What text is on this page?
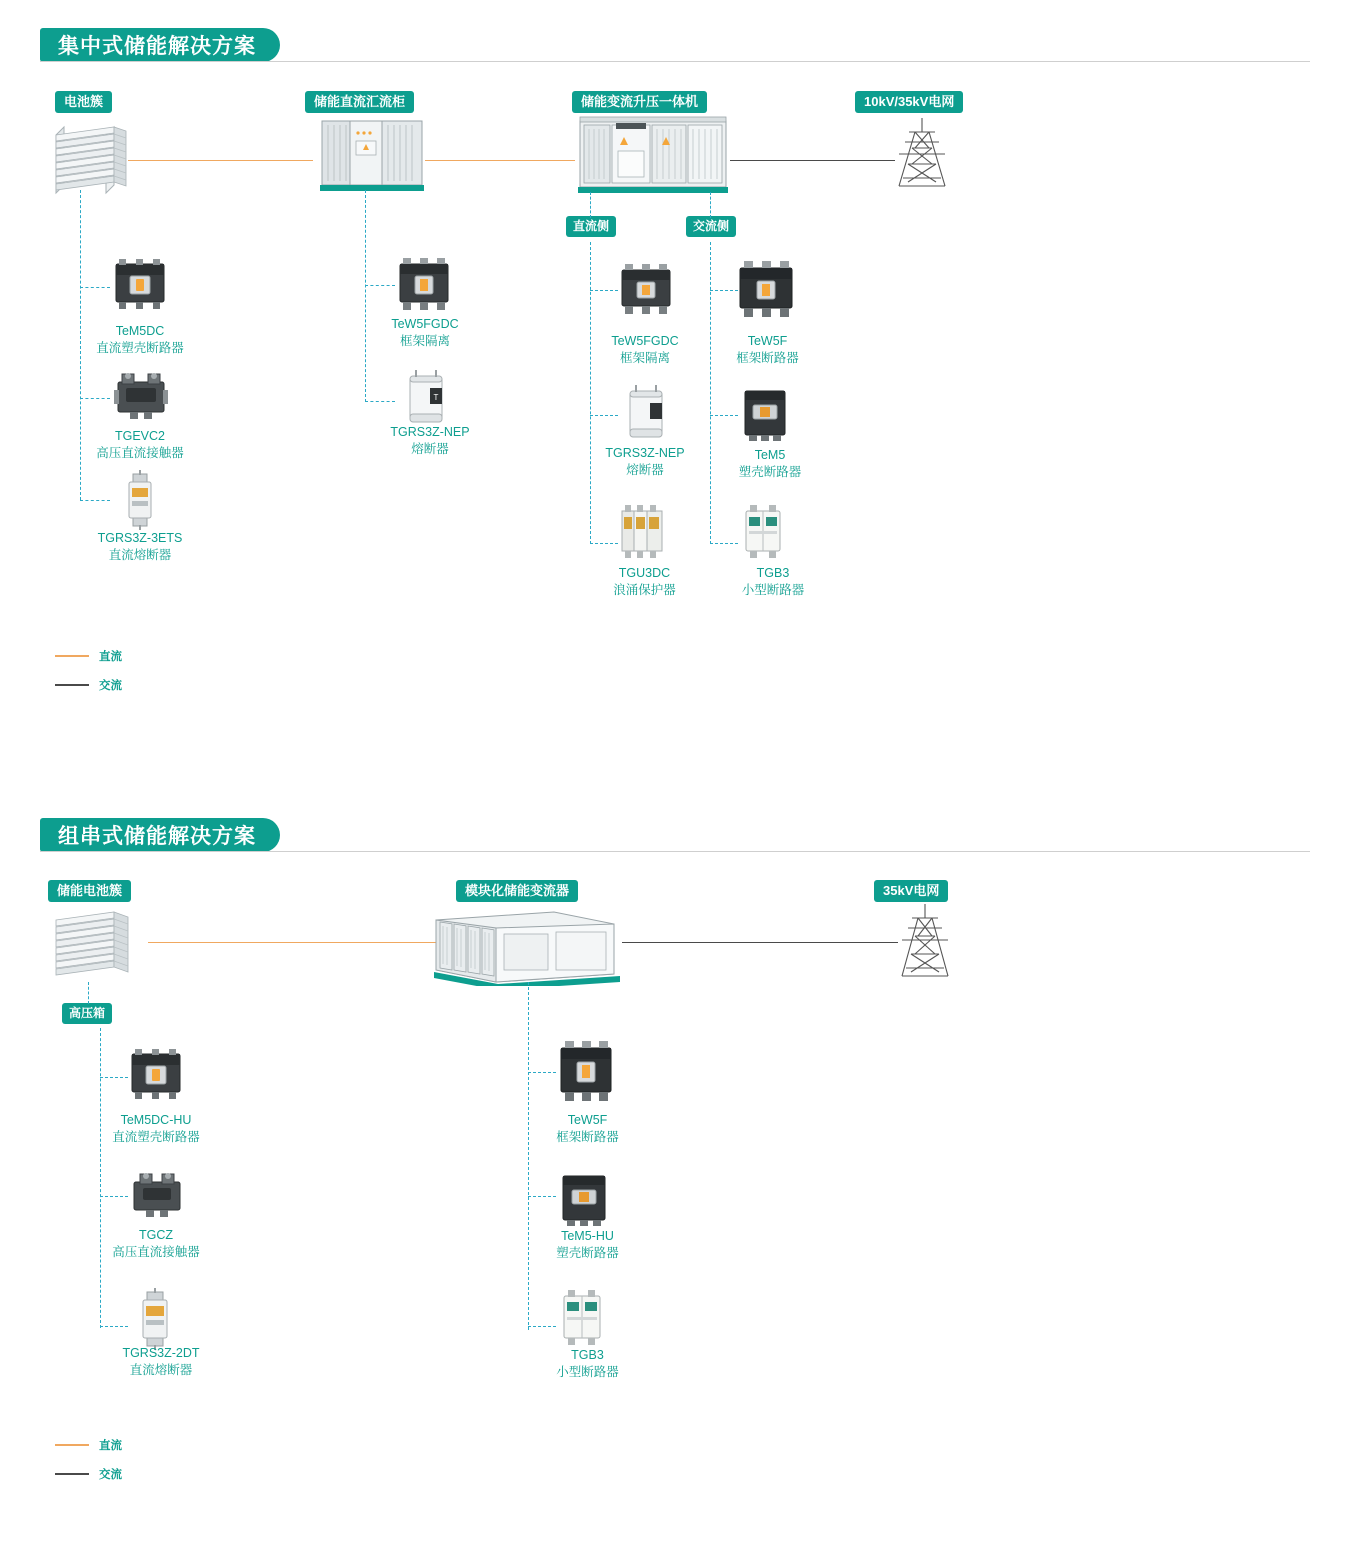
集中式储能解决方案
电池簇	储能直流汇流柜	储能变流升压一体机	10kV/35kV电网
直流侧	交流侧
TeM5DC
直流塑壳断路器
TGEVC2
高压直流接触器
TGRS3Z-3ETS
直流熔断器
TeW5FGDC
框架隔离
T
TGRS3Z-NEP
熔断器
TeW5FGDC
框架隔离
TGRS3Z-NEP
熔断器
TGU3DC
浪涌保护器
TeW5F
框架断路器
TeM5
塑壳断路器
TGB3
小型断路器
直流
交流
组串式储能解决方案
储能电池簇	模块化储能变流器	35kV电网
高压箱
TeM5DC-HU
直流塑壳断路器
TGCZ
高压直流接触器
TGRS3Z-2DT
直流熔断器
TeW5F
框架断路器
TeM5-HU
塑壳断路器
TGB3
小型断路器
直流
交流
